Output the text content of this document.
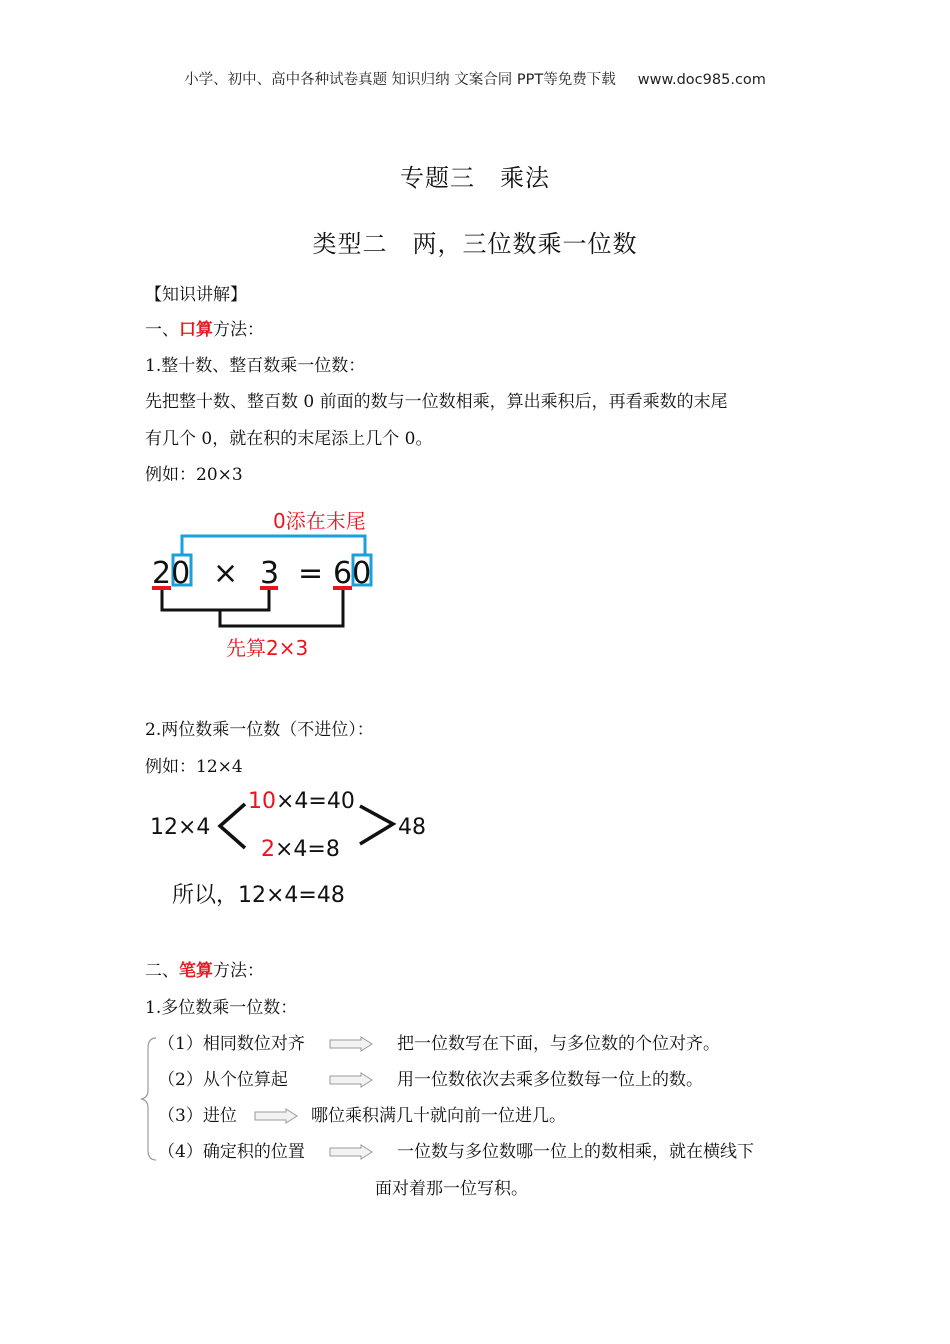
小学、初中、高中各种试卷真题 知识归纳 文案合同 PPT等免费下载 www.doc985.com
专题三　乘法
类型二　两，三位数乘一位数
【知识讲解】
一、口算方法：
1.整十数、整百数乘一位数：
先把整十数、整百数 0 前面的数与一位数相乘，算出乘积后，再看乘数的末尾
有几个 0，就在积的末尾添上几个 0。
例如：20×3
0添在末尾
20 × 3 = 60
先算2×3
2.两位数乘一位数（不进位）：
例如：12×4
12×4
10×4=40
2×4=8
48
所以，12×4=48
二、笔算方法：
1.多位数乘一位数：
（1）相同数位对齐	把一位数写在下面，与多位数的个位对齐。
（2）从个位算起	用一位数依次去乘多位数每一位上的数。
（3）进位	哪位乘积满几十就向前一位进几。
（4）确定积的位置	一位数与多位数哪一位上的数相乘，就在横线下
面对着那一位写积。
